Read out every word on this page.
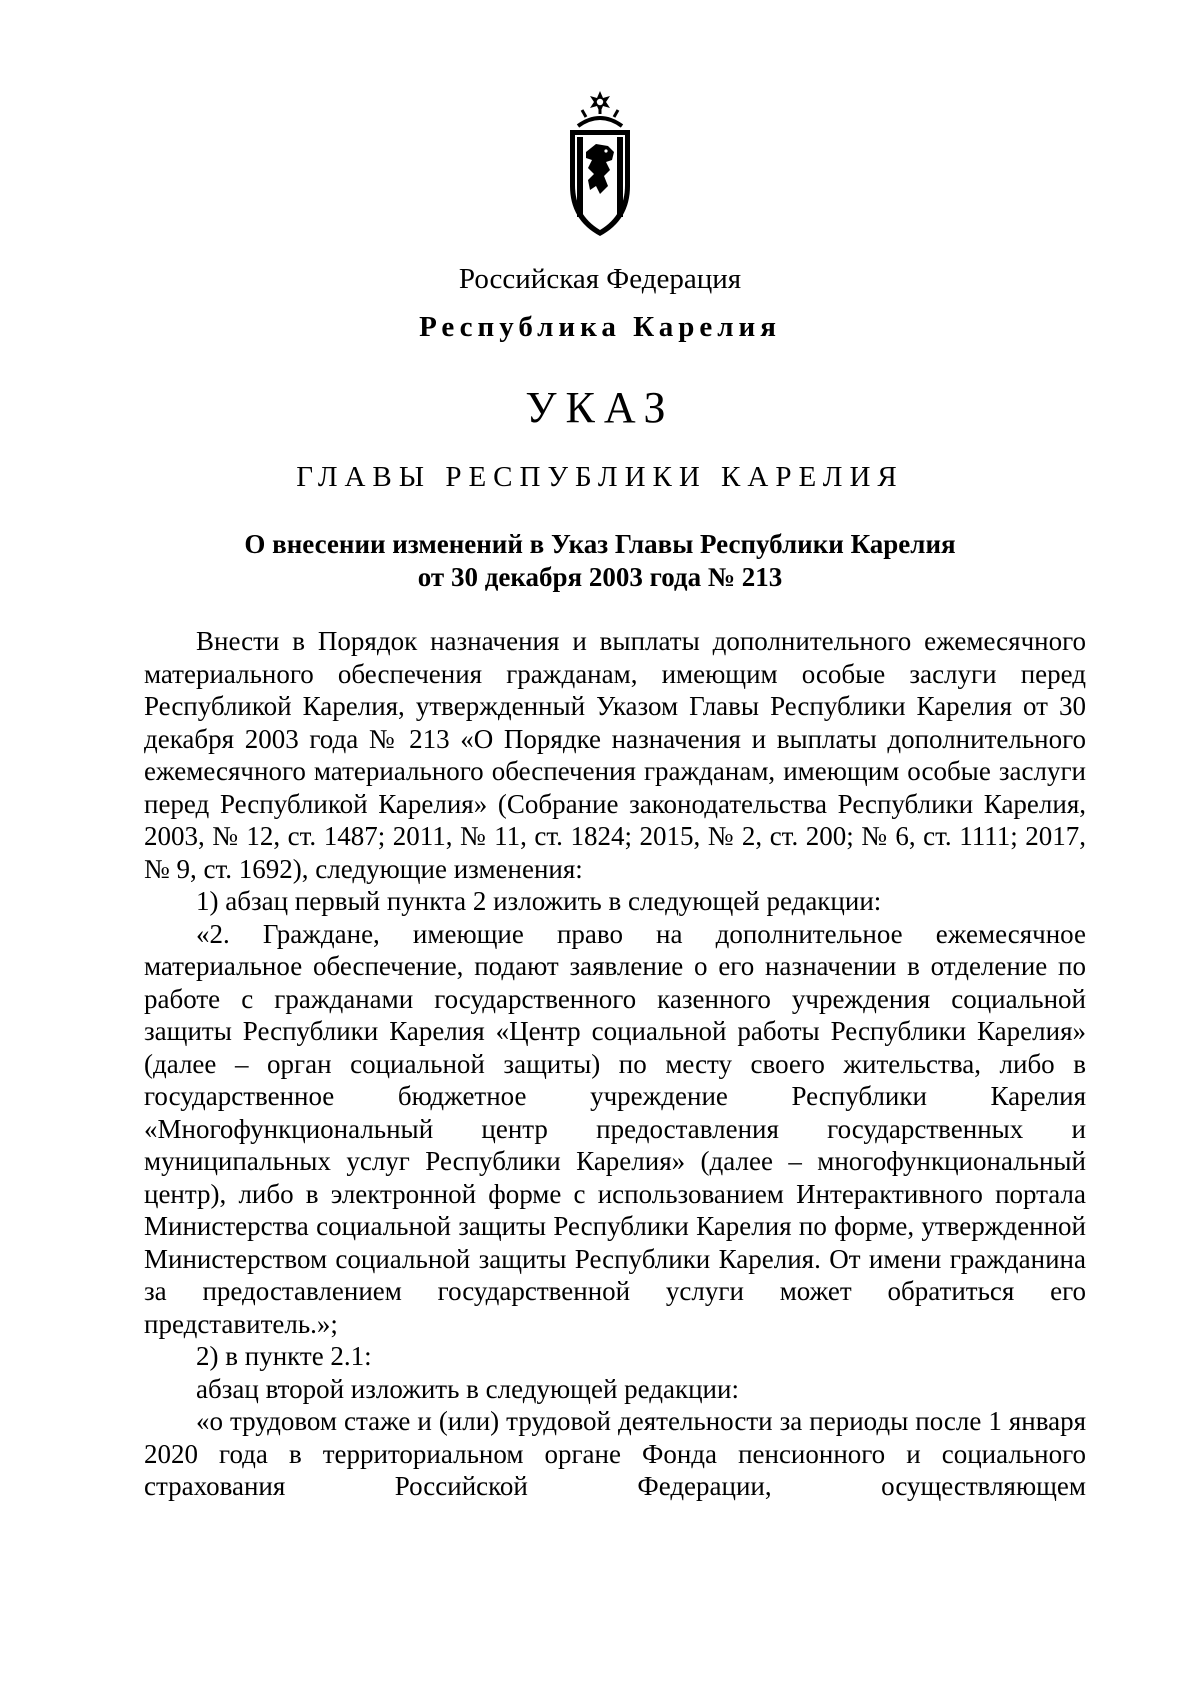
Российская Федерация
Республика Карелия
УКАЗ
ГЛАВЫ РЕСПУБЛИКИ КАРЕЛИЯ
О внесении изменений в Указ Главы Республики Карелия
от 30 декабря 2003 года № 213

Внести в Порядок назначения и выплаты дополнительного ежемесячного материального обеспечения гражданам, имеющим особые заслуги перед Республикой Карелия, утвержденный Указом Главы Республики Карелия от 30 декабря 2003 года № 213 «О Порядке назначения и выплаты дополнительного ежемесячного материального обеспечения гражданам, имеющим особые заслуги перед Республикой Карелия» (Собрание законодательства Республики Карелия, 2003, № 12, ст. 1487; 2011, № 11, ст. 1824; 2015, № 2, ст. 200; № 6, ст. 1111; 2017, № 9, ст. 1692), следующие изменения:

1) абзац первый пункта 2 изложить в следующей редакции:

«2. Граждане, имеющие право на дополнительное ежемесячное материальное обеспечение, подают заявление о его назначении в отделение по работе с гражданами государственного казенного учреждения социальной защиты Республики Карелия «Центр социальной работы Республики Карелия» (далее – орган социальной защиты) по месту своего жительства, либо в государственное бюджетное учреждение Республики Карелия «Многофункциональный центр предоставления государственных и муниципальных услуг Республики Карелия» (далее – многофункциональный центр), либо в электронной форме с использованием Интерактивного портала Министерства социальной защиты Республики Карелия по форме, утвержденной Министерством социальной защиты Республики Карелия. От имени гражданина за предоставлением государственной услуги может обратиться его представитель.»;

2) в пункте 2.1:

абзац второй изложить в следующей редакции:

«о трудовом стаже и (или) трудовой деятельности за периоды после 1 января 2020 года в территориальном органе Фонда пенсионного и социального страхования Российской Федерации, осуществляющем
